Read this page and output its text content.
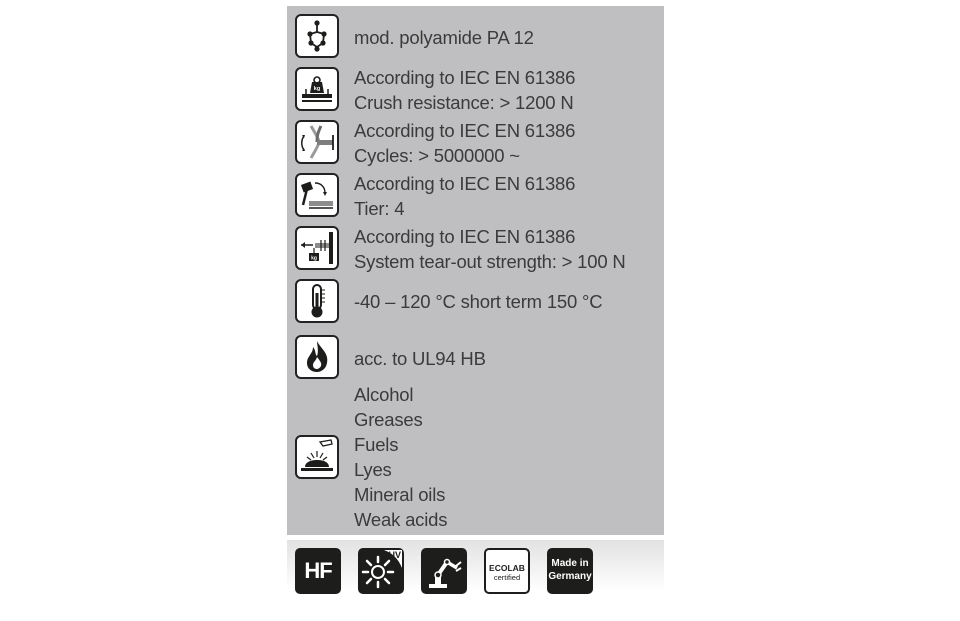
mod. polyamide PA 12
kg
According to IEC EN 61386
Crush resistance: > 1200 N
According to IEC EN 61386
Cycles: > 5000000 ~
According to IEC EN 61386
Tier: 4
kg
According to IEC EN 61386
System tear-out strength: > 100 N
-40 – 120 °C short term 150 °C
acc. to UL94 HB
Alcohol
Greases
Fuels
Lyes
Mineral oils
Weak acids
HF
UV
ECOLAB
certified
Made in
Germany
